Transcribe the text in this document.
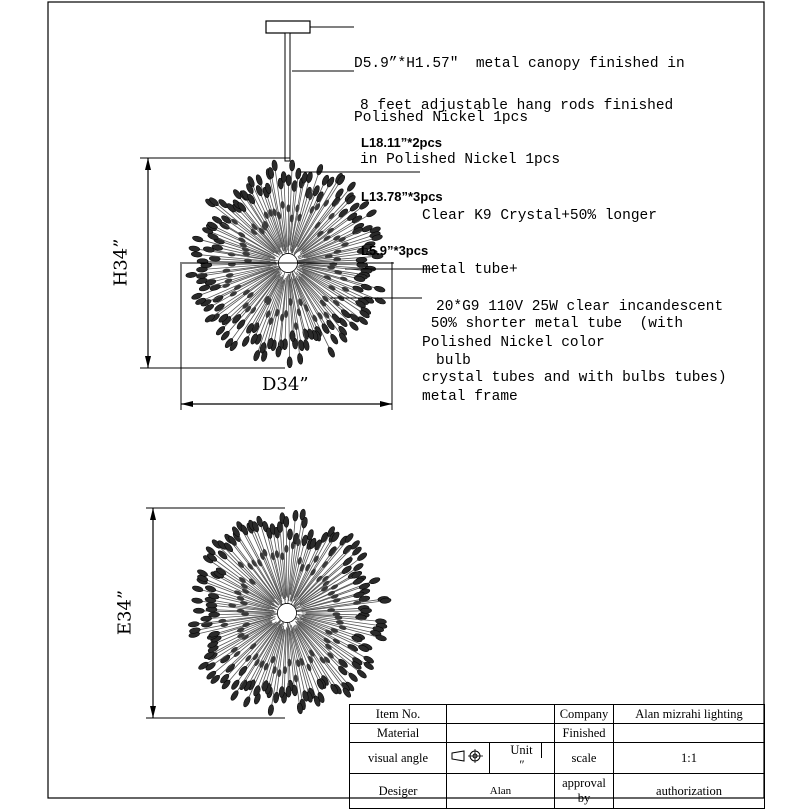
D5.9”*H1.57″  metal canopy finished in

Polished Nickel 1pcs

8 feet adjustable hang rods finished

in Polished Nickel 1pcs

L18.11”*2pcs

L13.78”*3pcs

L5.9”*3pcs

Clear K9 Crystal+50% longer

metal tube+

50% shorter metal tube  (with

crystal tubes and with bulbs tubes)

20*G9 110V 25W clear incandescent

bulb

Polished Nickel color

metal frame

H34”
D34”
E34”
Item No.			Company	Alan mizrahi lighting
Material			Finished	
visual angle		Unit″	scale	1:1
Desiger	Alan		approval by	authorization
